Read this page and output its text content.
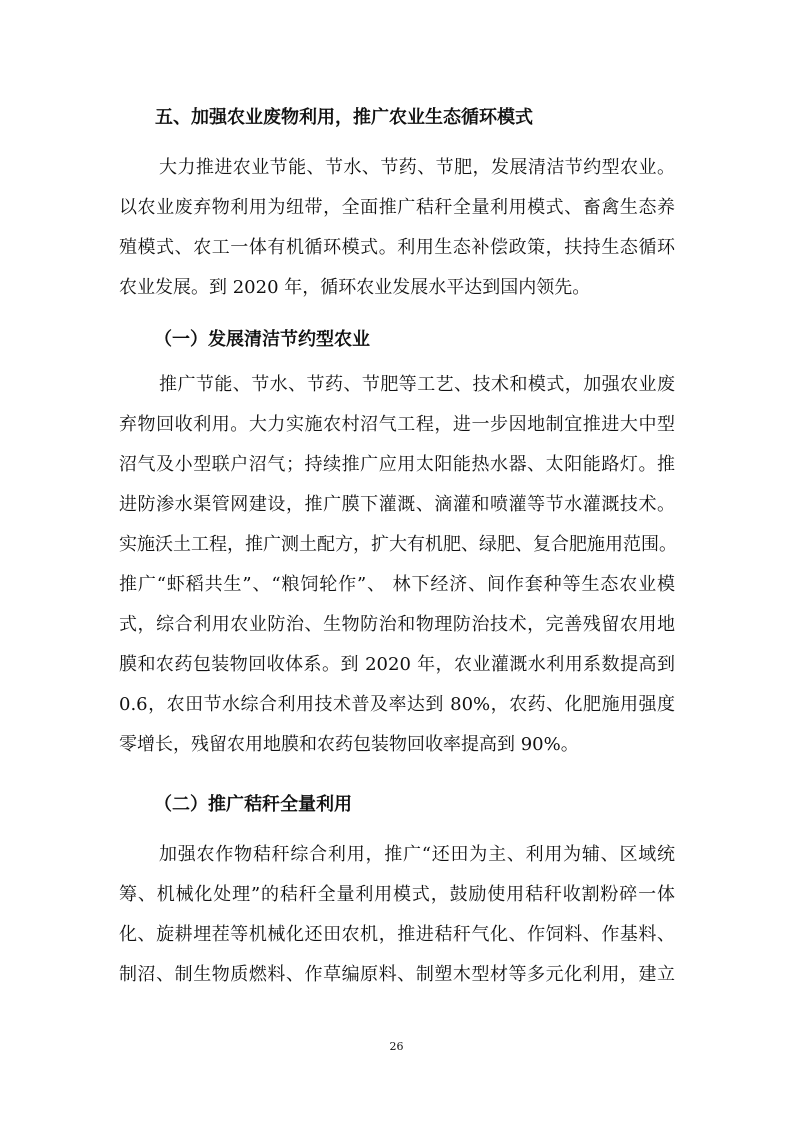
五、加强农业废物利用，推广农业生态循环模式
大力推进农业节能、节水、节药、节肥，发展清洁节约型农业。
以农业废弃物利用为纽带，全面推广秸秆全量利用模式、畜禽生态养
殖模式、农工一体有机循环模式。利用生态补偿政策，扶持生态循环
农业发展。到 2020 年，循环农业发展水平达到国内领先。
（一）发展清洁节约型农业
推广节能、节水、节药、节肥等工艺、技术和模式，加强农业废
弃物回收利用。大力实施农村沼气工程，进一步因地制宜推进大中型
沼气及小型联户沼气；持续推广应用太阳能热水器、太阳能路灯。推
进防渗水渠管网建设，推广膜下灌溉、滴灌和喷灌等节水灌溉技术。
实施沃土工程，推广测土配方，扩大有机肥、绿肥、复合肥施用范围。
推广“虾稻共生”、“粮饲轮作”、 林下经济、间作套种等生态农业模
式，综合利用农业防治、生物防治和物理防治技术，完善残留农用地
膜和农药包装物回收体系。到 2020 年，农业灌溉水利用系数提高到
0.6，农田节水综合利用技术普及率达到 80%，农药、化肥施用强度
零增长，残留农用地膜和农药包装物回收率提高到 90%。
（二）推广秸秆全量利用
加强农作物秸秆综合利用，推广“还田为主、利用为辅、区域统
筹、机械化处理”的秸秆全量利用模式，鼓励使用秸秆收割粉碎一体
化、旋耕埋茬等机械化还田农机，推进秸秆气化、作饲料、作基料、
制沼、制生物质燃料、作草编原料、制塑木型材等多元化利用，建立
26
